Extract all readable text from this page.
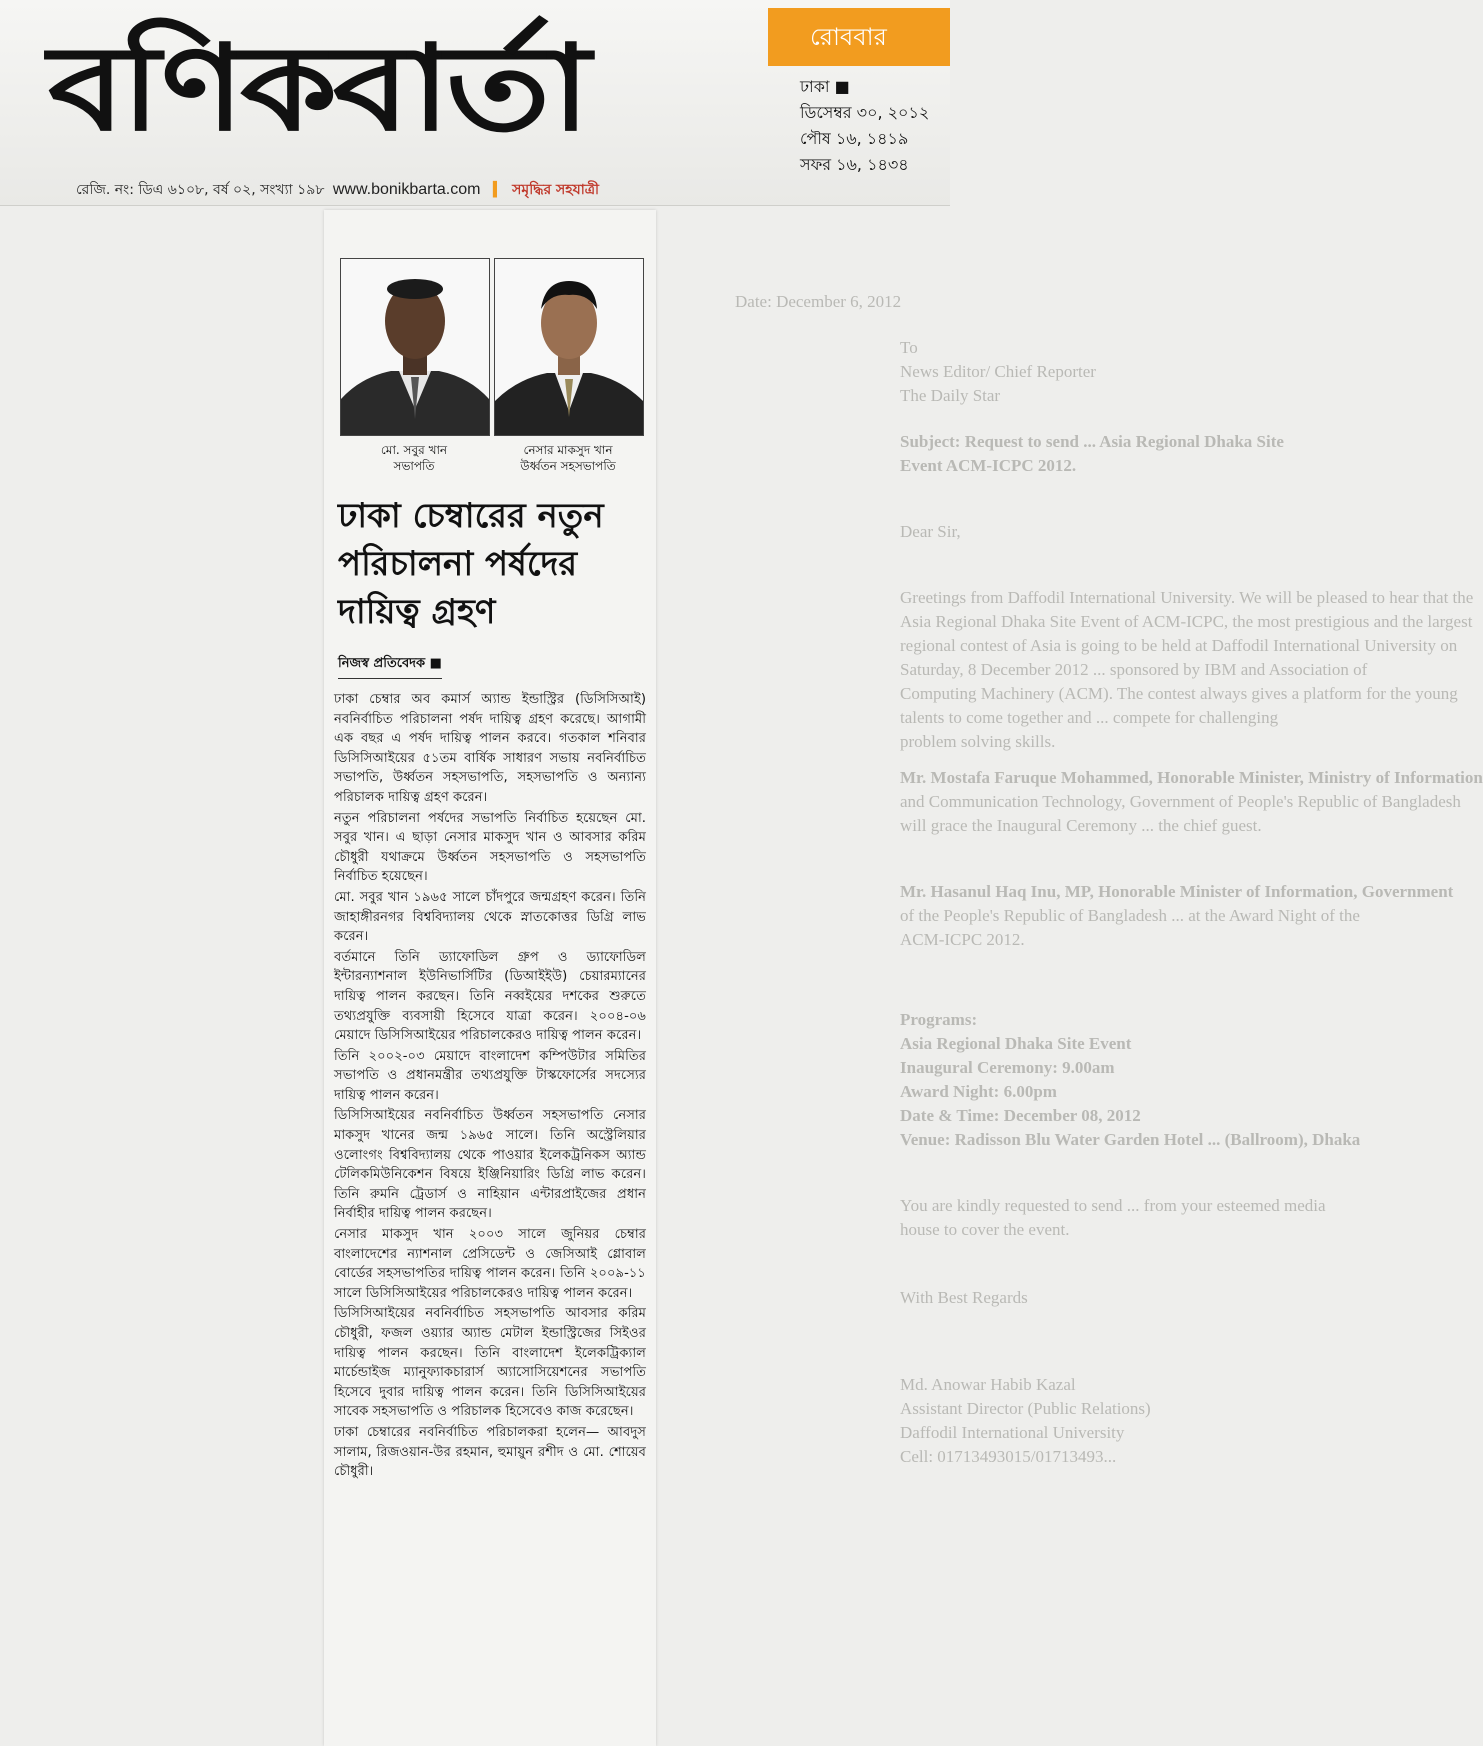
Date: December 6, 2012
To
News Editor/ Chief Reporter
The Daily Star
Subject: Request to send ... Asia Regional Dhaka Site
Event ACM-ICPC 2012.
Dear Sir,
Greetings from Daffodil International University. We will be pleased to hear that the
Asia Regional Dhaka Site Event of ACM-ICPC, the most prestigious and the largest
regional contest of Asia is going to be held at Daffodil International University on
Saturday, 8 December 2012 ... sponsored by IBM and Association of
Computing Machinery (ACM). The contest always gives a platform for the young
talents to come together and ... compete for challenging
problem solving skills.
Mr. Mostafa Faruque Mohammed, Honorable Minister, Ministry of Information
and Communication Technology, Government of People's Republic of Bangladesh
will grace the Inaugural Ceremony ... the chief guest.
Mr. Hasanul Haq Inu, MP, Honorable Minister of Information, Government
of the People's Republic of Bangladesh ... at the Award Night of the
ACM-ICPC 2012.
Programs:
Asia Regional Dhaka Site Event
Inaugural Ceremony: 9.00am
Award Night: 6.00pm
Date & Time: December 08, 2012
Venue: Radisson Blu Water Garden Hotel ... (Ballroom), Dhaka
You are kindly requested to send ... from your esteemed media
house to cover the event.
With Best Regards
Md. Anowar Habib Kazal
Assistant Director (Public Relations)
Daffodil International University
Cell: 01713493015/01713493...
বণিকবার্তা	রোববার
ঢাকা ■
ডিসেম্বর ৩০, ২০১২
পৌষ ১৬, ১৪১৯
সফর ১৬, ১৪৩৪
রেজি. নং: ডিএ ৬১০৮, বর্ষ ০২, সংখ্যা ১৯৮ www.bonikbarta.com ▍ সমৃদ্ধির সহযাত্রী
মো. সবুর খান
সভাপতি
নেসার মাকসুদ খান
উর্ধ্বতন সহসভাপতি
ঢাকা চেম্বারের নতুন পরিচালনা পর্ষদের দায়িত্ব গ্রহণ
নিজস্ব প্রতিবেদক ■

ঢাকা চেম্বার অব কমার্স অ্যান্ড ইন্ডাস্ট্রির (ডিসিসিআই) নবনির্বাচিত পরিচালনা পর্ষদ দায়িত্ব গ্রহণ করেছে। আগামী এক বছর এ পর্ষদ দায়িত্ব পালন করবে। গতকাল শনিবার ডিসিসিআইয়ের ৫১তম বার্ষিক সাধারণ সভায় নবনির্বাচিত সভাপতি, উর্ধ্বতন সহসভাপতি, সহসভাপতি ও অন্যান্য পরিচালক দায়িত্ব গ্রহণ করেন।

নতুন পরিচালনা পর্ষদের সভাপতি নির্বাচিত হয়েছেন মো. সবুর খান। এ ছাড়া নেসার মাকসুদ খান ও আবসার করিম চৌধুরী যথাক্রমে উর্ধ্বতন সহসভাপতি ও সহসভাপতি নির্বাচিত হয়েছেন।

মো. সবুর খান ১৯৬৫ সালে চাঁদপুরে জন্মগ্রহণ করেন। তিনি জাহাঙ্গীরনগর বিশ্ববিদ্যালয় থেকে স্নাতকোত্তর ডিগ্রি লাভ করেন।

বর্তমানে তিনি ড্যাফোডিল গ্রুপ ও ড্যাফোডিল ইন্টারন্যাশনাল ইউনিভার্সিটির (ডিআইইউ) চেয়ারম্যানের দায়িত্ব পালন করছেন। তিনি নব্বইয়ের দশকের শুরুতে তথ্যপ্রযুক্তি ব্যবসায়ী হিসেবে যাত্রা করেন। ২০০৪-০৬ মেয়াদে ডিসিসিআইয়ের পরিচালকেরও দায়িত্ব পালন করেন।

তিনি ২০০২-০৩ মেয়াদে বাংলাদেশ কম্পিউটার সমিতির সভাপতি ও প্রধানমন্ত্রীর তথ্যপ্রযুক্তি টাস্কফোর্সের সদস্যের দায়িত্ব পালন করেন।

ডিসিসিআইয়ের নবনির্বাচিত উর্ধ্বতন সহসভাপতি নেসার মাকসুদ খানের জন্ম ১৯৬৫ সালে। তিনি অস্ট্রেলিয়ার ওলোংগং বিশ্ববিদ্যালয় থেকে পাওয়ার ইলেকট্রনিকস অ্যান্ড টেলিকমিউনিকেশন বিষয়ে ইঞ্জিনিয়ারিং ডিগ্রি লাভ করেন। তিনি রুমনি ট্রেডার্স ও নাহিয়ান এন্টারপ্রাইজের প্রধান নির্বাহীর দায়িত্ব পালন করছেন।

নেসার মাকসুদ খান ২০০৩ সালে জুনিয়র চেম্বার বাংলাদেশের ন্যাশনাল প্রেসিডেন্ট ও জেসিআই গ্লোবাল বোর্ডের সহসভাপতির দায়িত্ব পালন করেন। তিনি ২০০৯-১১ সালে ডিসিসিআইয়ের পরিচালকেরও দায়িত্ব পালন করেন।

ডিসিসিআইয়ের নবনির্বাচিত সহসভাপতি আবসার করিম চৌধুরী, ফজল ওয়্যার অ্যান্ড মেটাল ইন্ডাস্ট্রিজের সিইওর দায়িত্ব পালন করছেন। তিনি বাংলাদেশ ইলেকট্রিক্যাল মার্চেন্ডাইজ ম্যানুফ্যাকচারার্স অ্যাসোসিয়েশনের সভাপতি হিসেবে দুবার দায়িত্ব পালন করেন। তিনি ডিসিসিআইয়ের সাবেক সহসভাপতি ও পরিচালক হিসেবেও কাজ করেছেন।

ঢাকা চেম্বারের নবনির্বাচিত পরিচালকরা হলেন— আবদুস সালাম, রিজওয়ান-উর রহমান, হুমায়ুন রশীদ ও মো. শোয়েব চৌধুরী।
